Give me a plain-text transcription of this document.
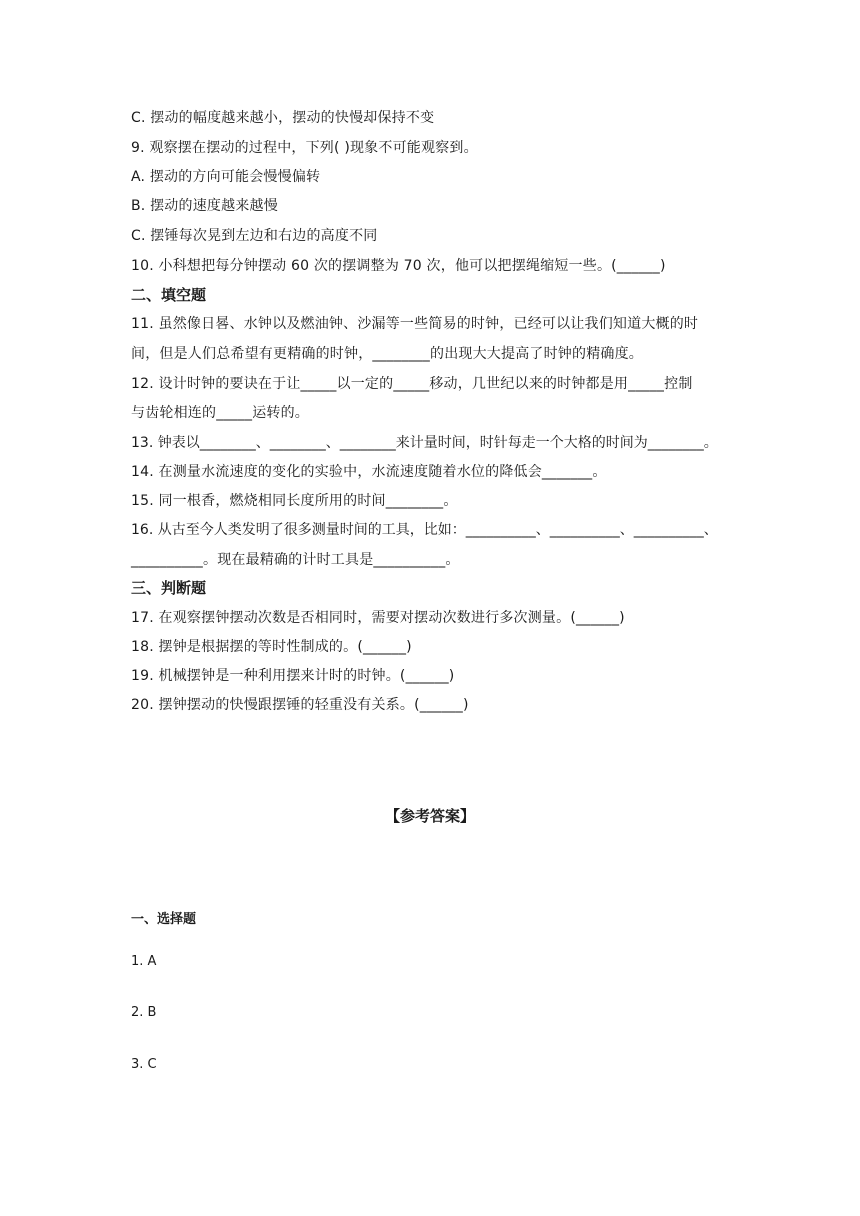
C. 摆动的幅度越来越小，摆动的快慢却保持不变
9. 观察摆在摆动的过程中，下列( )现象不可能观察到。
A. 摆动的方向可能会慢慢偏转
B. 摆动的速度越来越慢
C. 摆锤每次晃到左边和右边的高度不同
10. 小科想把每分钟摆动 60 次的摆调整为 70 次，他可以把摆绳缩短一些。(______)
二、填空题
11. 虽然像日晷、水钟以及燃油钟、沙漏等一些简易的时钟，已经可以让我们知道大概的时
间，但是人们总希望有更精确的时钟，________的出现大大提高了时钟的精确度。
12. 设计时钟的要诀在于让_____以一定的_____移动，几世纪以来的时钟都是用_____控制
与齿轮相连的_____运转的。
13. 钟表以________、________、________来计量时间，时针每走一个大格的时间为________。
14. 在测量水流速度的变化的实验中，水流速度随着水位的降低会_______。
15. 同一根香，燃烧相同长度所用的时间________。
16. 从古至今人类发明了很多测量时间的工具，比如：__________、__________、__________、
__________。现在最精确的计时工具是__________。
三、判断题
17. 在观察摆钟摆动次数是否相同时，需要对摆动次数进行多次测量。(______)
18. 摆钟是根据摆的等时性制成的。(______)
19. 机械摆钟是一种利用摆来计时的时钟。(______)
20. 摆钟摆动的快慢跟摆锤的轻重没有关系。(______)
【参考答案】
一、选择题
1. A
2. B
3. C
